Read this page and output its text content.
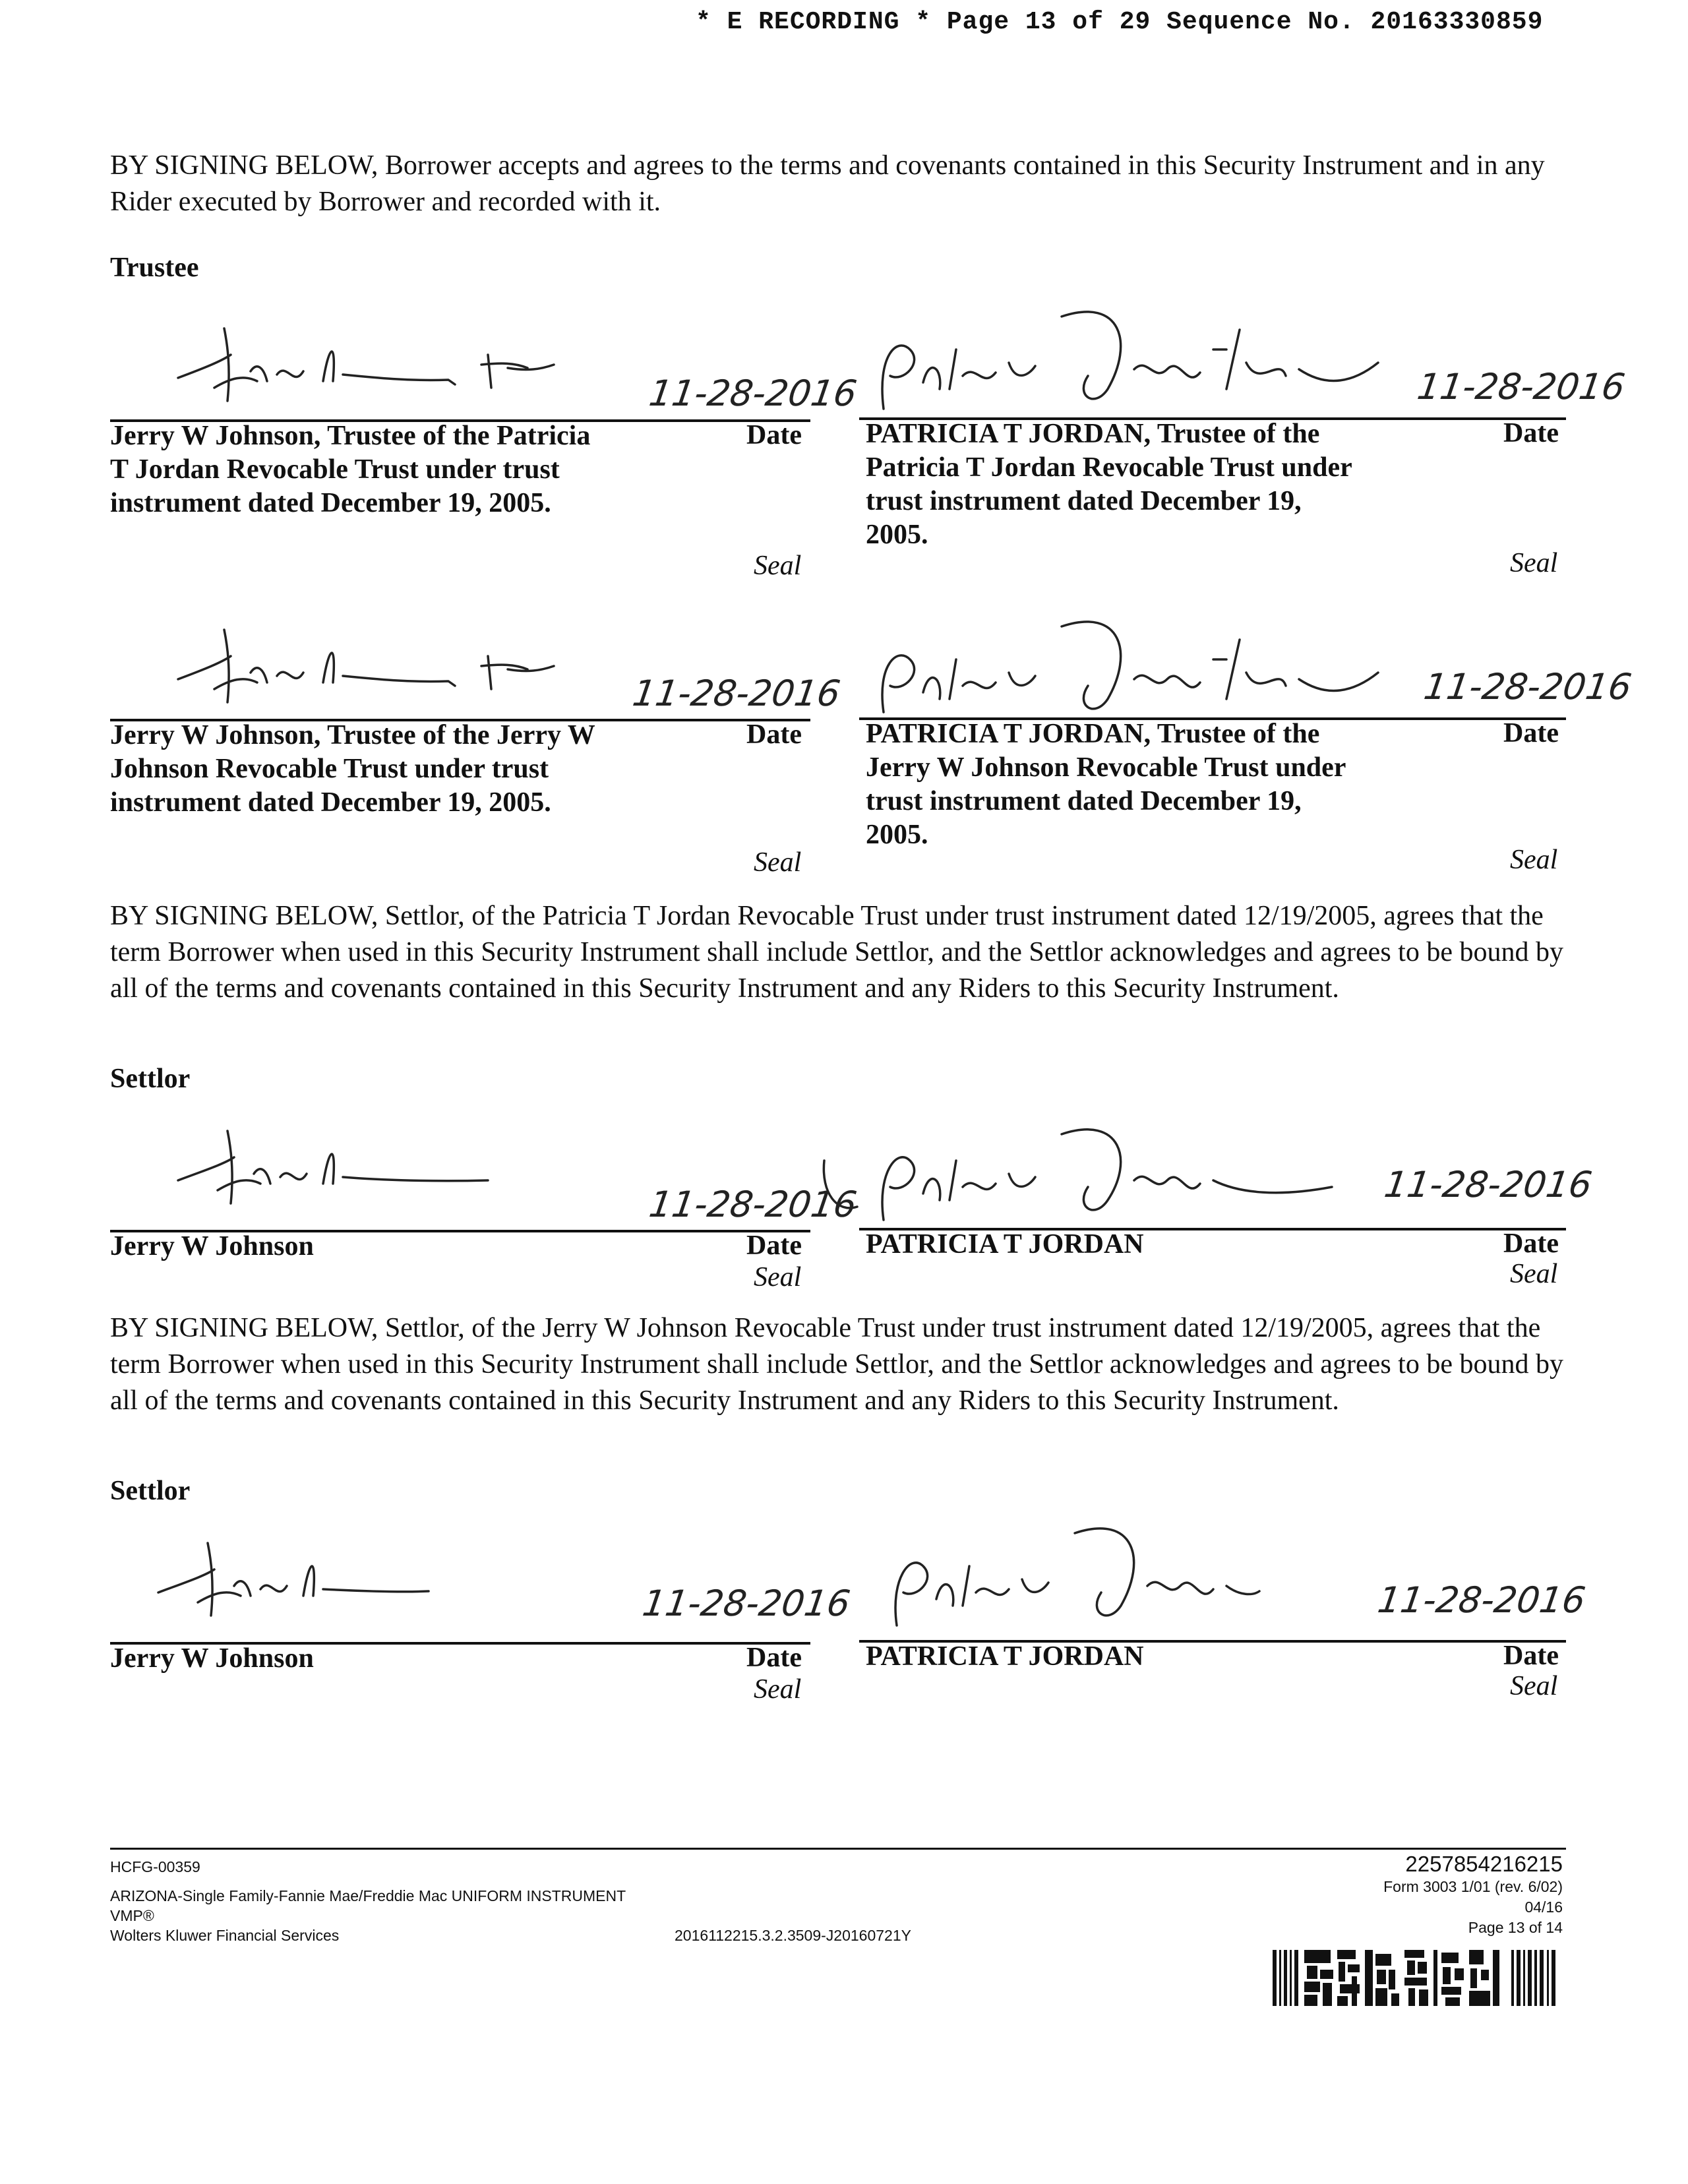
* E RECORDING * Page 13 of 29 Sequence No. 20163330859
BY SIGNING BELOW, Borrower accepts and agrees to the terms and covenants contained in this Security Instrument and in any Rider executed by Borrower and recorded with it.
Trustee
11-28-2016
Jerry W Johnson, Trustee of the Patricia T Jordan Revocable Trust under trust instrument dated December 19, 2005.
Date
Seal
11-28-2016
PATRICIA T JORDAN, Trustee of the Patricia T Jordan Revocable Trust under trust instrument dated December 19, 2005.
Date
Seal
11-28-2016
Jerry W Johnson, Trustee of the Jerry W Johnson Revocable Trust under trust instrument dated December 19, 2005.
Date
Seal
11-28-2016
PATRICIA T JORDAN, Trustee of the Jerry W Johnson Revocable Trust under trust instrument dated December 19, 2005.
Date
Seal
BY SIGNING BELOW, Settlor, of the Patricia T Jordan Revocable Trust under trust instrument dated 12/19/2005, agrees that the term Borrower when used in this Security Instrument shall include Settlor, and the Settlor acknowledges and agrees to be bound by all of the terms and covenants contained in this Security Instrument and any Riders to this Security Instrument.
Settlor
11-28-2016
Jerry W Johnson	Date
Seal
11-28-2016
PATRICIA T JORDAN	Date
Seal
BY SIGNING BELOW, Settlor, of the Jerry W Johnson Revocable Trust under trust instrument dated 12/19/2005, agrees that the term Borrower when used in this Security Instrument shall include Settlor, and the Settlor acknowledges and agrees to be bound by all of the terms and covenants contained in this Security Instrument and any Riders to this Security Instrument.
Settlor
11-28-2016
Jerry W Johnson	Date
Seal
11-28-2016
PATRICIA T JORDAN	Date
Seal
HCFG-00359
ARIZONA-Single Family-Fannie Mae/Freddie Mac UNIFORM INSTRUMENT
VMP®
Wolters Kluwer Financial Services	2016112215.3.2.3509-J20160721Y
2257854216215
Form 3003 1/01 (rev. 6/02)
04/16
Page 13 of 14
